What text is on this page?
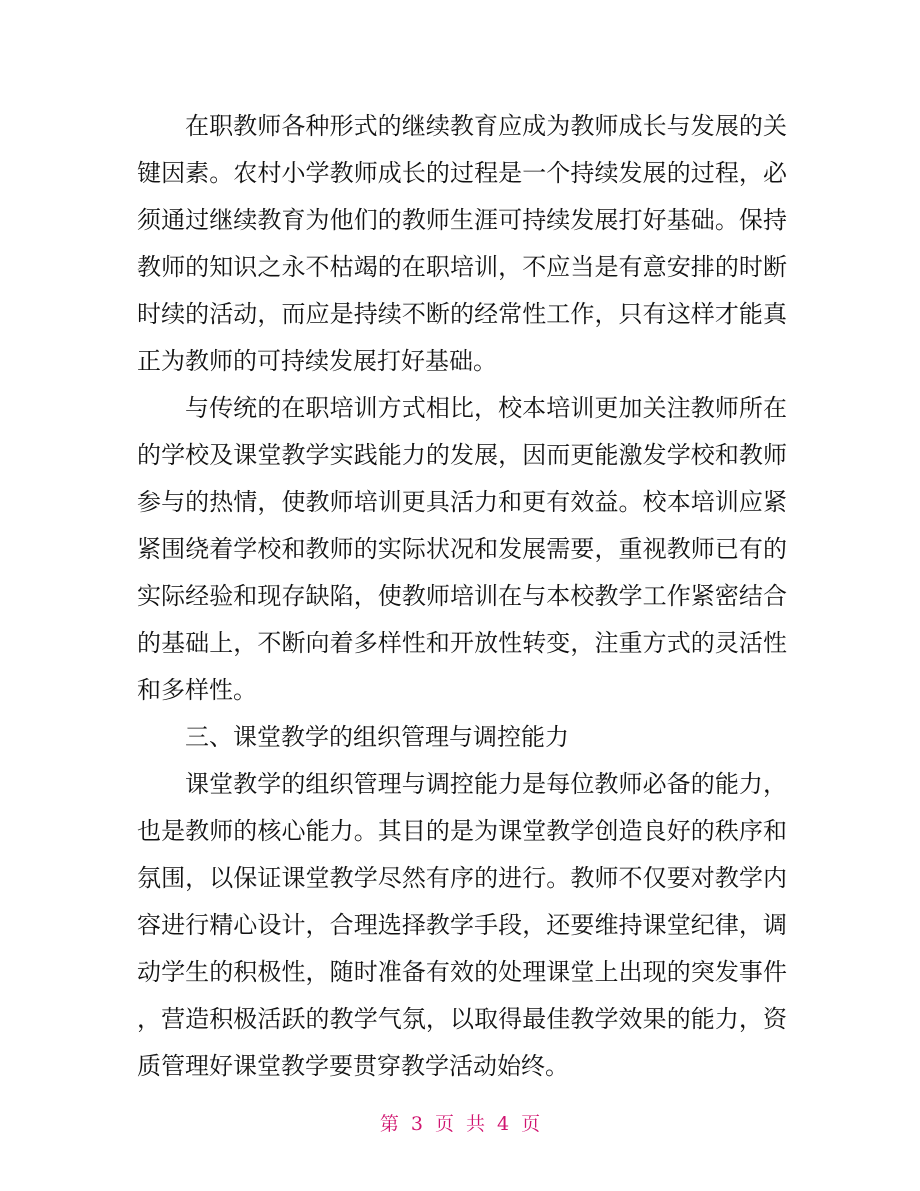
在职教师各种形式的继续教育应成为教师成长与发展的关
键因素。农村小学教师成长的过程是一个持续发展的过程，必
须通过继续教育为他们的教师生涯可持续发展打好基础。保持
教师的知识之永不枯竭的在职培训，不应当是有意安排的时断
时续的活动，而应是持续不断的经常性工作，只有这样才能真
正为教师的可持续发展打好基础。
与传统的在职培训方式相比，校本培训更加关注教师所在
的学校及课堂教学实践能力的发展，因而更能激发学校和教师
参与的热情，使教师培训更具活力和更有效益。校本培训应紧
紧围绕着学校和教师的实际状况和发展需要，重视教师已有的
实际经验和现存缺陷，使教师培训在与本校教学工作紧密结合
的基础上，不断向着多样性和开放性转变，注重方式的灵活性
和多样性。
三、课堂教学的组织管理与调控能力
课堂教学的组织管理与调控能力是每位教师必备的能力，
也是教师的核心能力。其目的是为课堂教学创造良好的秩序和
氛围，以保证课堂教学尽然有序的进行。教师不仅要对教学内
容进行精心设计，合理选择教学手段，还要维持课堂纪律，调
动学生的积极性，随时准备有效的处理课堂上出现的突发事件
，营造积极活跃的教学气氛，以取得最佳教学效果的能力，资
质管理好课堂教学要贯穿教学活动始终。
第 3 页 共 4 页
